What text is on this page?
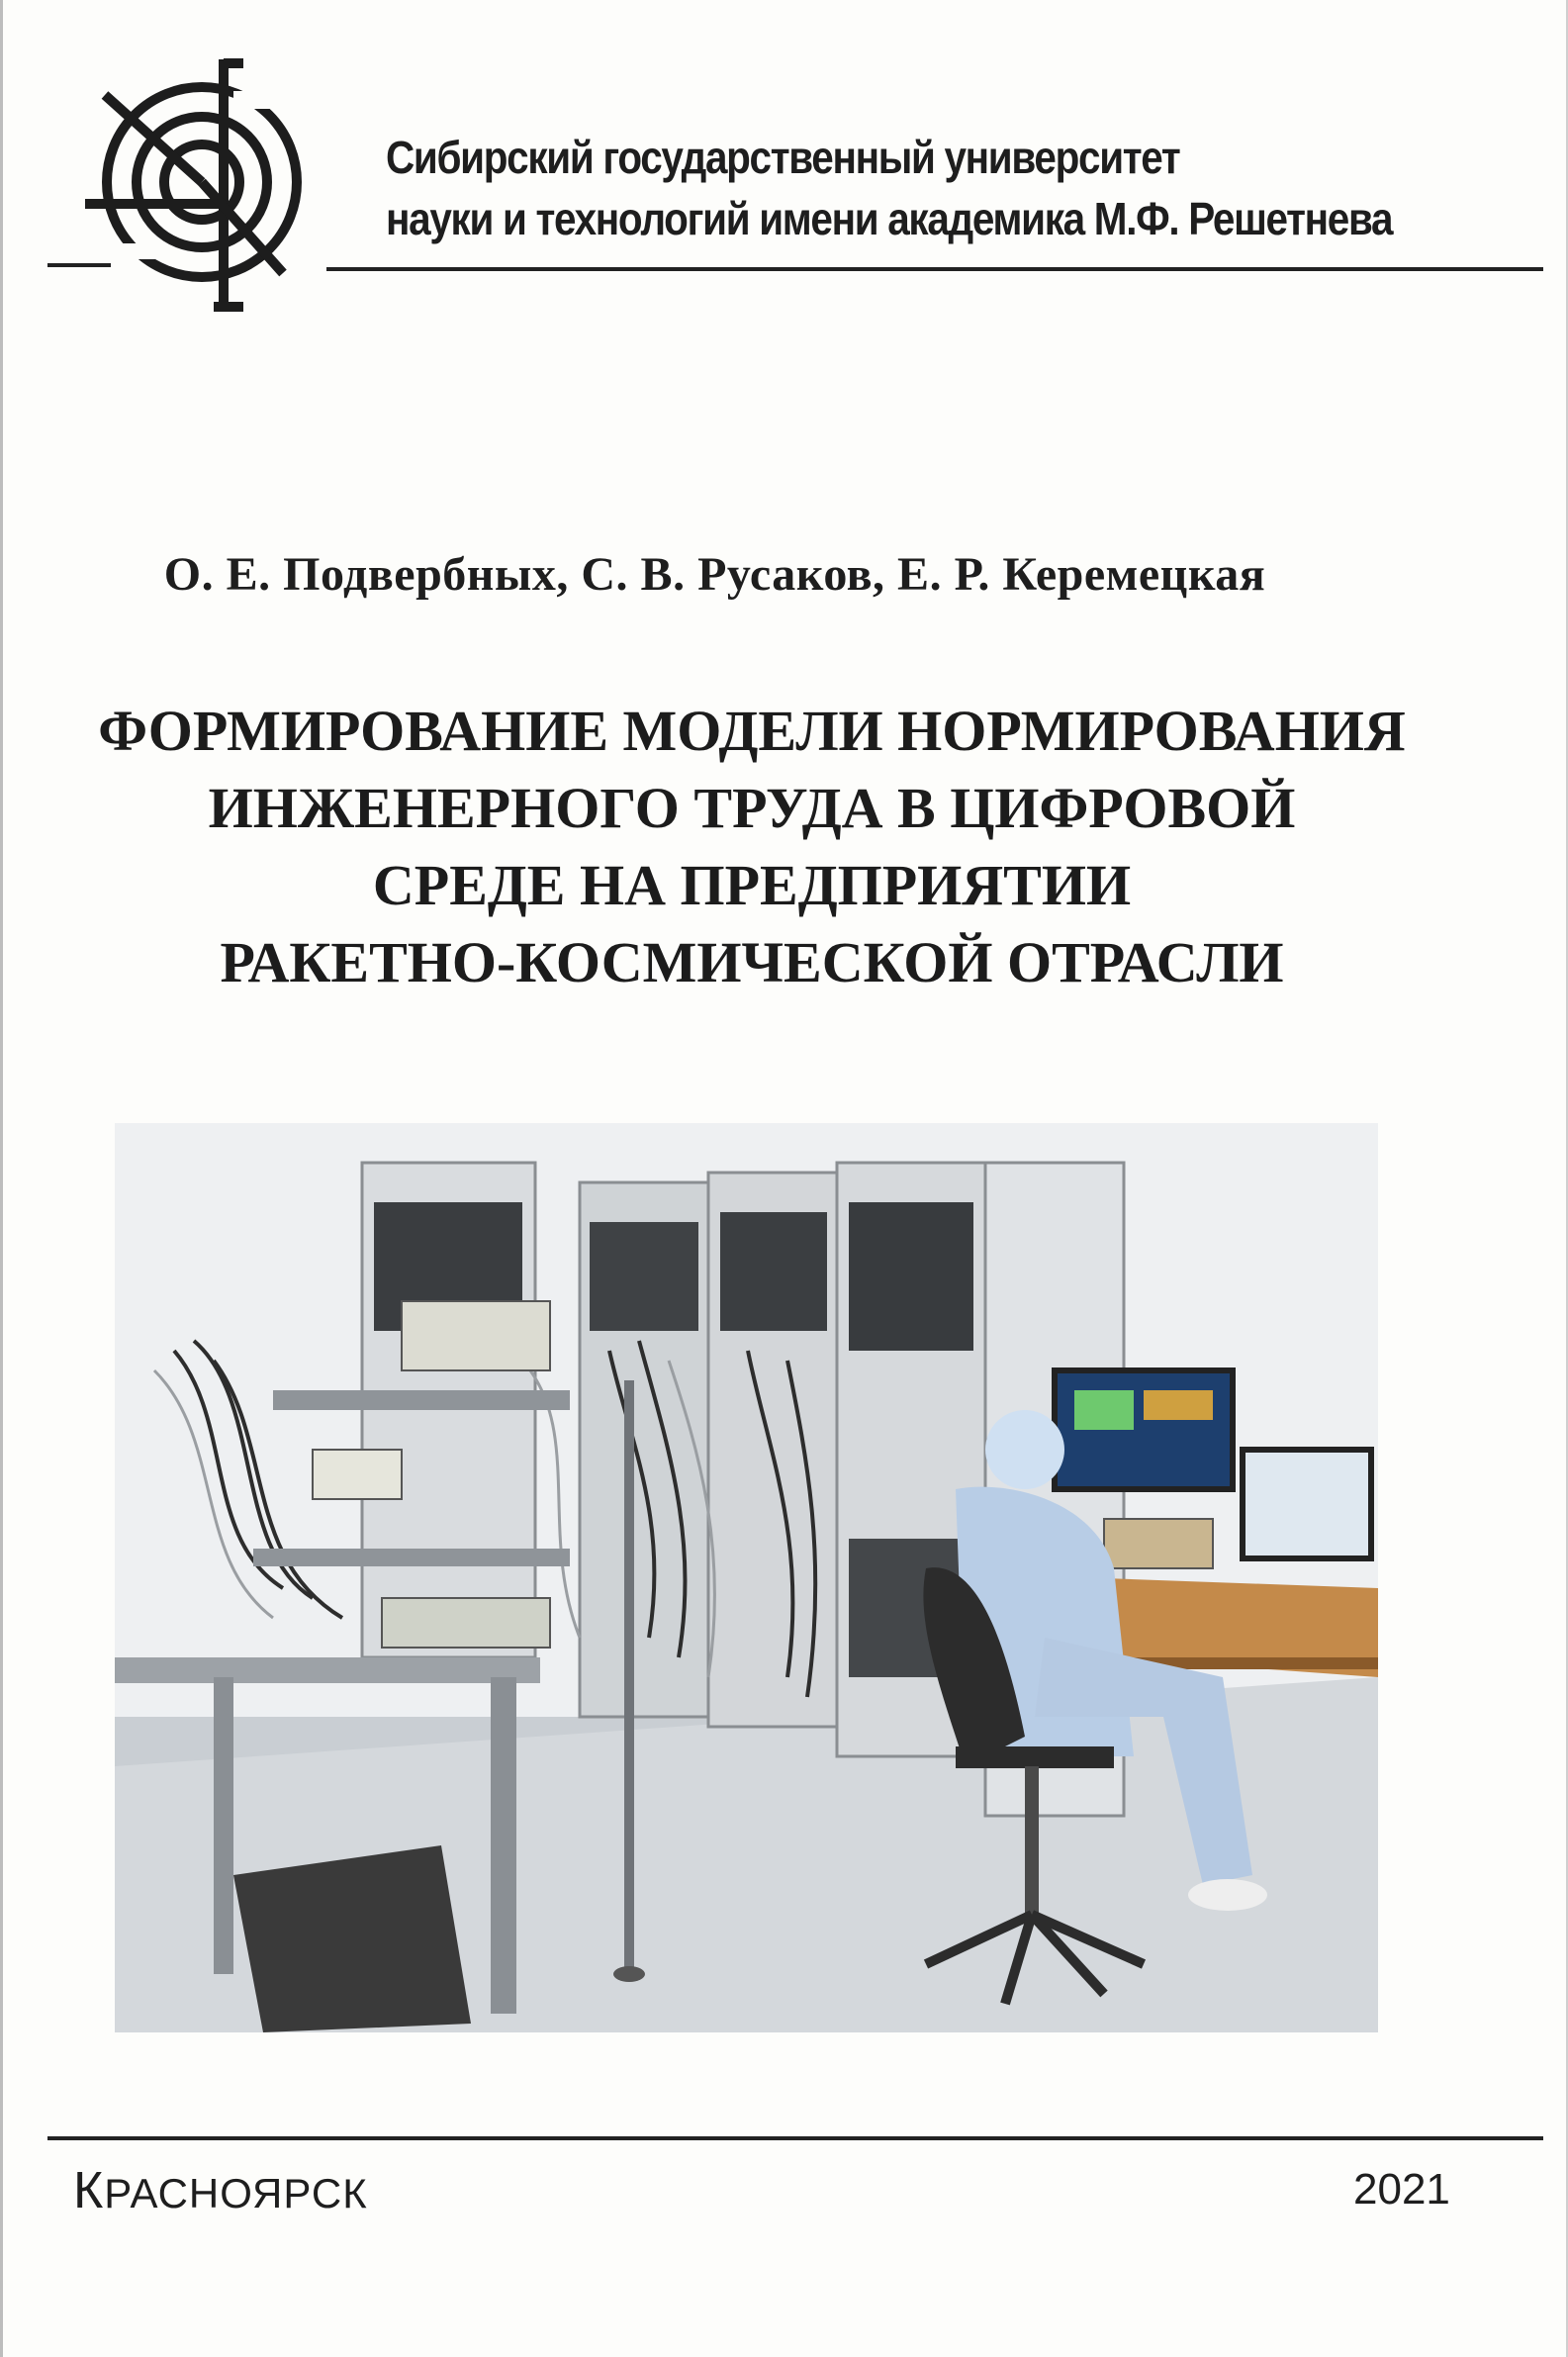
Сибирский государственный университет
науки и технологий имени академика М.Ф. Решетнева
О. Е. Подвербных, С. В. Русаков, Е. Р. Керемецкая
ФОРМИРОВАНИЕ МОДЕЛИ НОРМИРОВАНИЯ
ИНЖЕНЕРНОГО ТРУДА В ЦИФРОВОЙ
СРЕДЕ НА ПРЕДПРИЯТИИ
РАКЕТНО-КОСМИЧЕСКОЙ ОТРАСЛИ
КРАСНОЯРСК	2021
